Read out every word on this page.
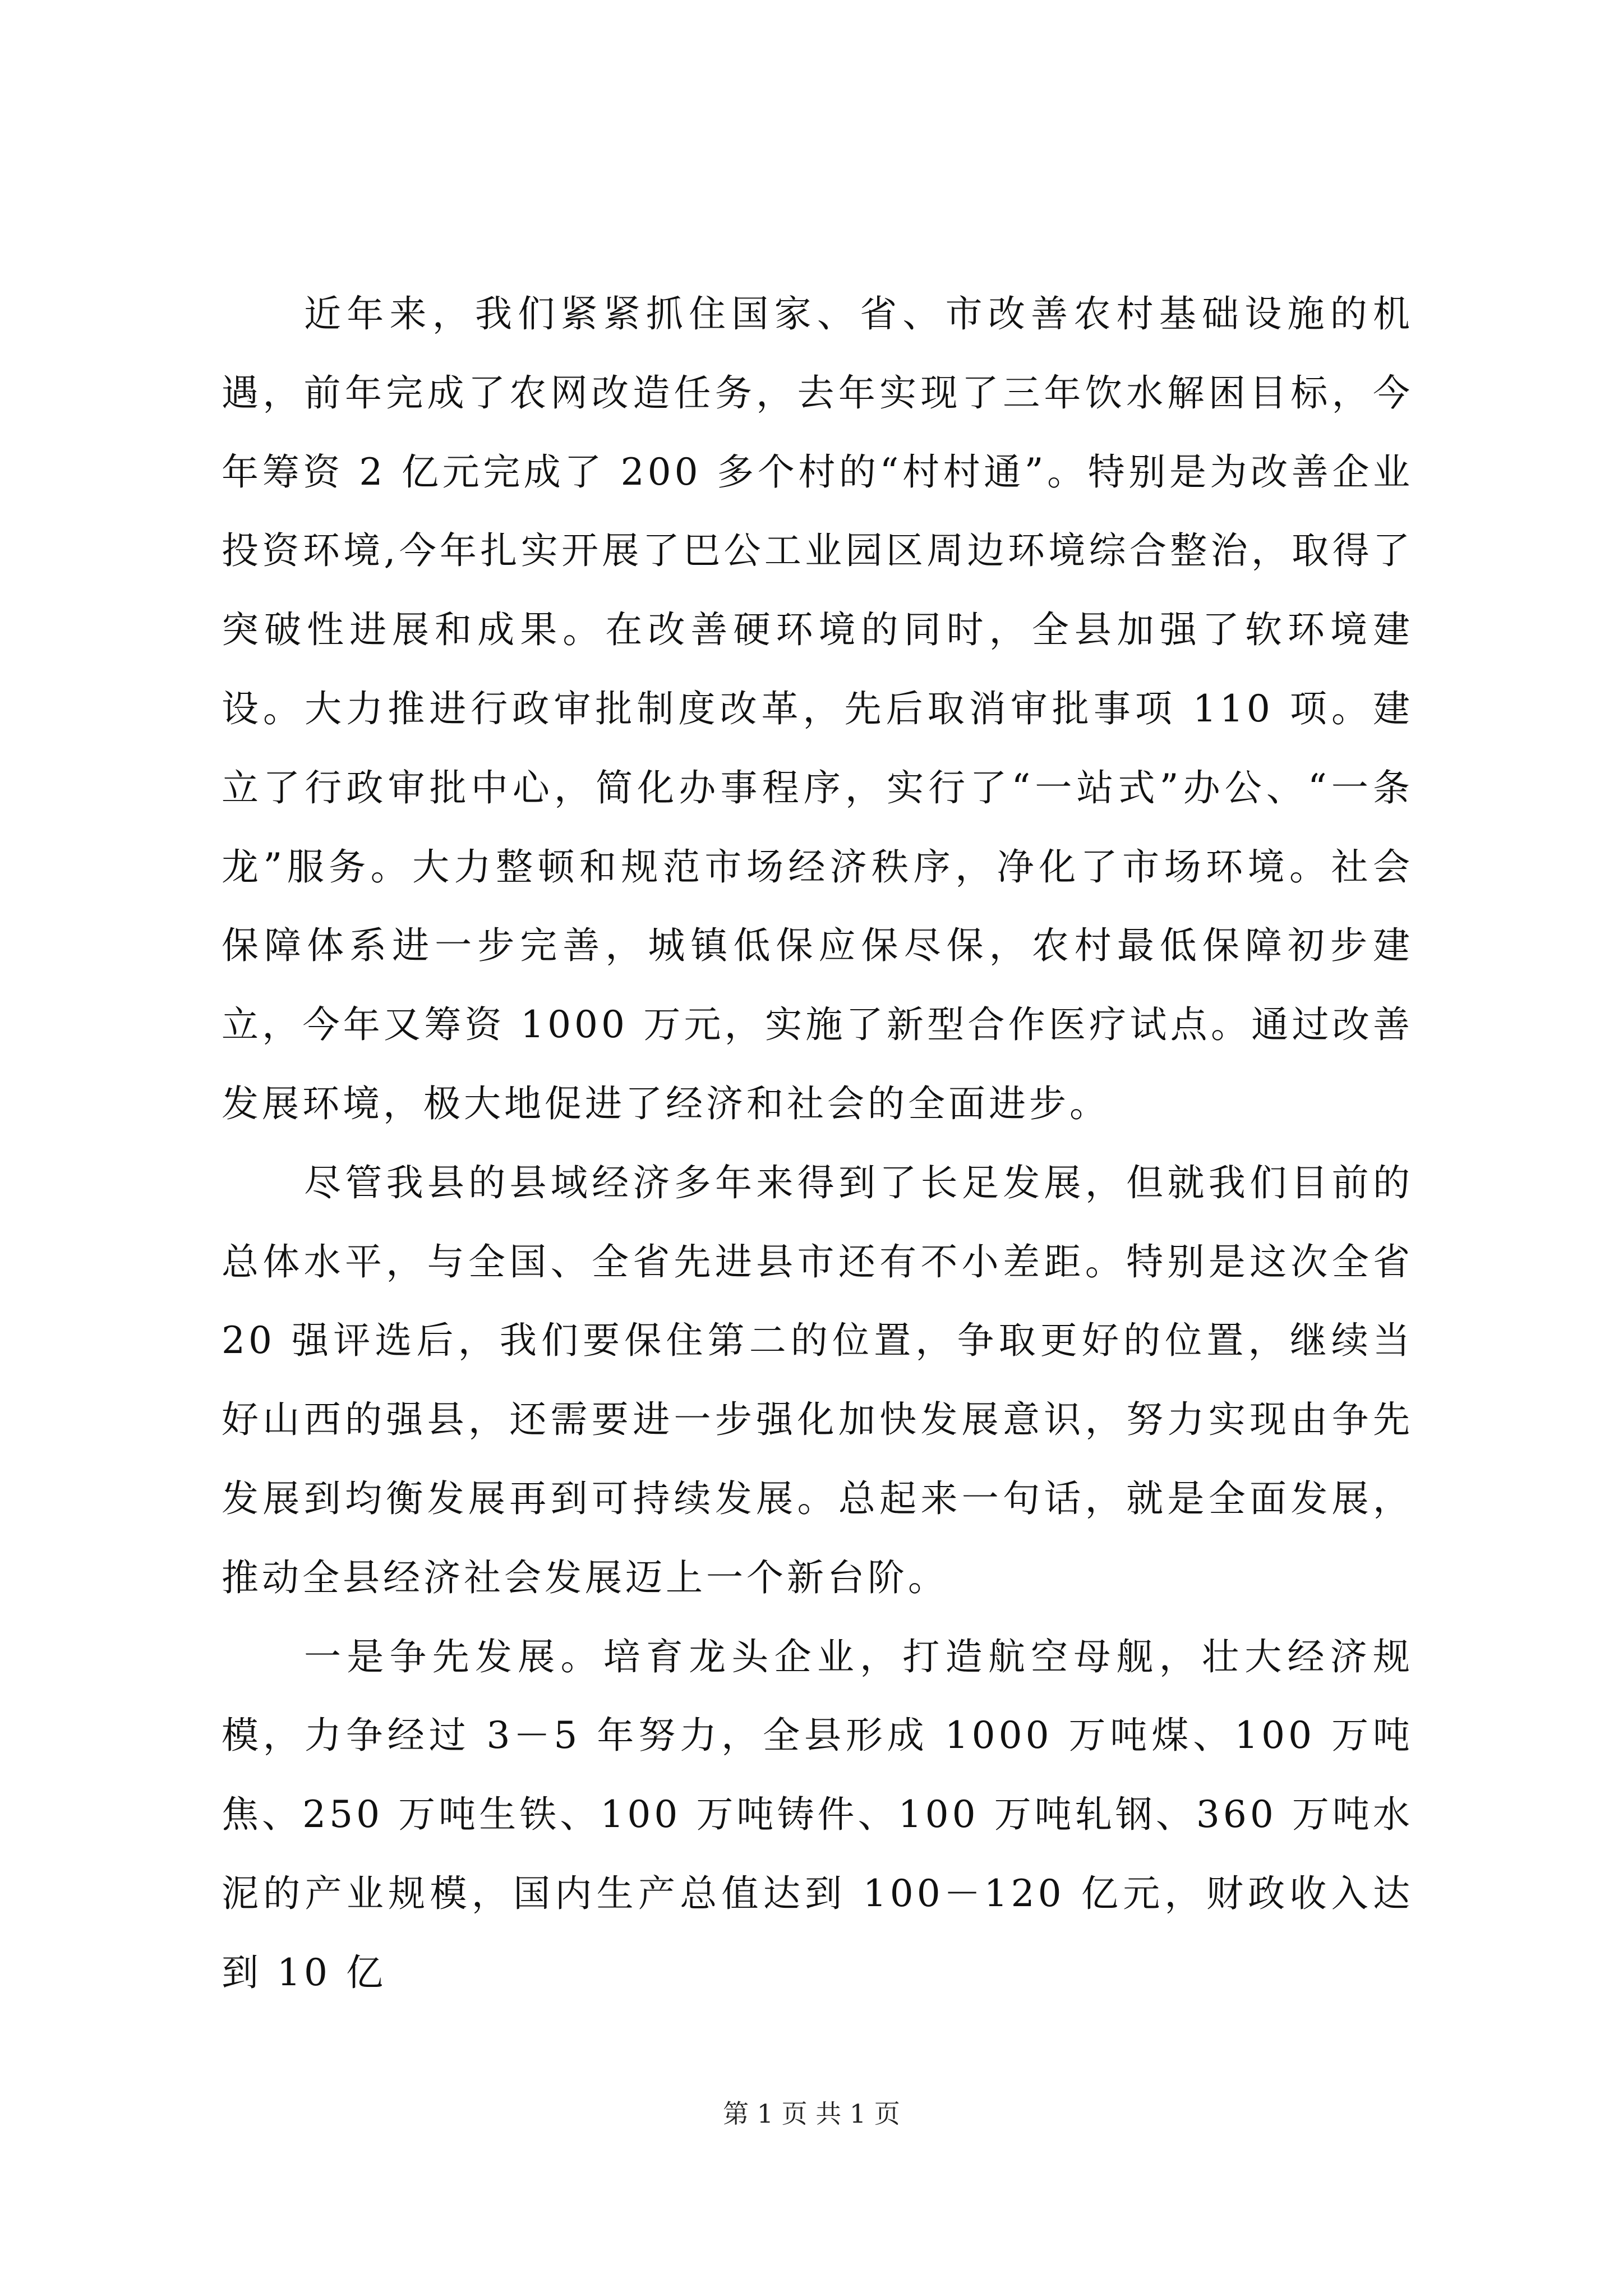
近年来，我们紧紧抓住国家、省、市改善农村基础设施的机遇，前年完成了农网改造任务，去年实现了三年饮水解困目标，今年筹资 2 亿元完成了 200 多个村的“村村通”。特别是为改善企业投资环境,今年扎实开展了巴公工业园区周边环境综合整治，取得了突破性进展和成果。在改善硬环境的同时，全县加强了软环境建设。大力推进行政审批制度改革，先后取消审批事项 110 项。建立了行政审批中心，简化办事程序，实行了“一站式”办公、“一条龙”服务。大力整顿和规范市场经济秩序，净化了市场环境。社会保障体系进一步完善，城镇低保应保尽保，农村最低保障初步建立，今年又筹资 1000 万元，实施了新型合作医疗试点。通过改善发展环境，极大地促进了经济和社会的全面进步。

尽管我县的县域经济多年来得到了长足发展，但就我们目前的总体水平，与全国、全省先进县市还有不小差距。特别是这次全省 20 强评选后，我们要保住第二的位置，争取更好的位置，继续当好山西的强县，还需要进一步强化加快发展意识，努力实现由争先发展到均衡发展再到可持续发展。总起来一句话，就是全面发展，推动全县经济社会发展迈上一个新台阶。

一是争先发展。培育龙头企业，打造航空母舰，壮大经济规模，力争经过 3－5 年努力，全县形成 1000 万吨煤、100 万吨焦、250 万吨生铁、100 万吨铸件、100 万吨轧钢、360 万吨水泥的产业规模，国内生产总值达到 100－120 亿元，财政收入达到 10 亿

第 1 页 共 1 页
